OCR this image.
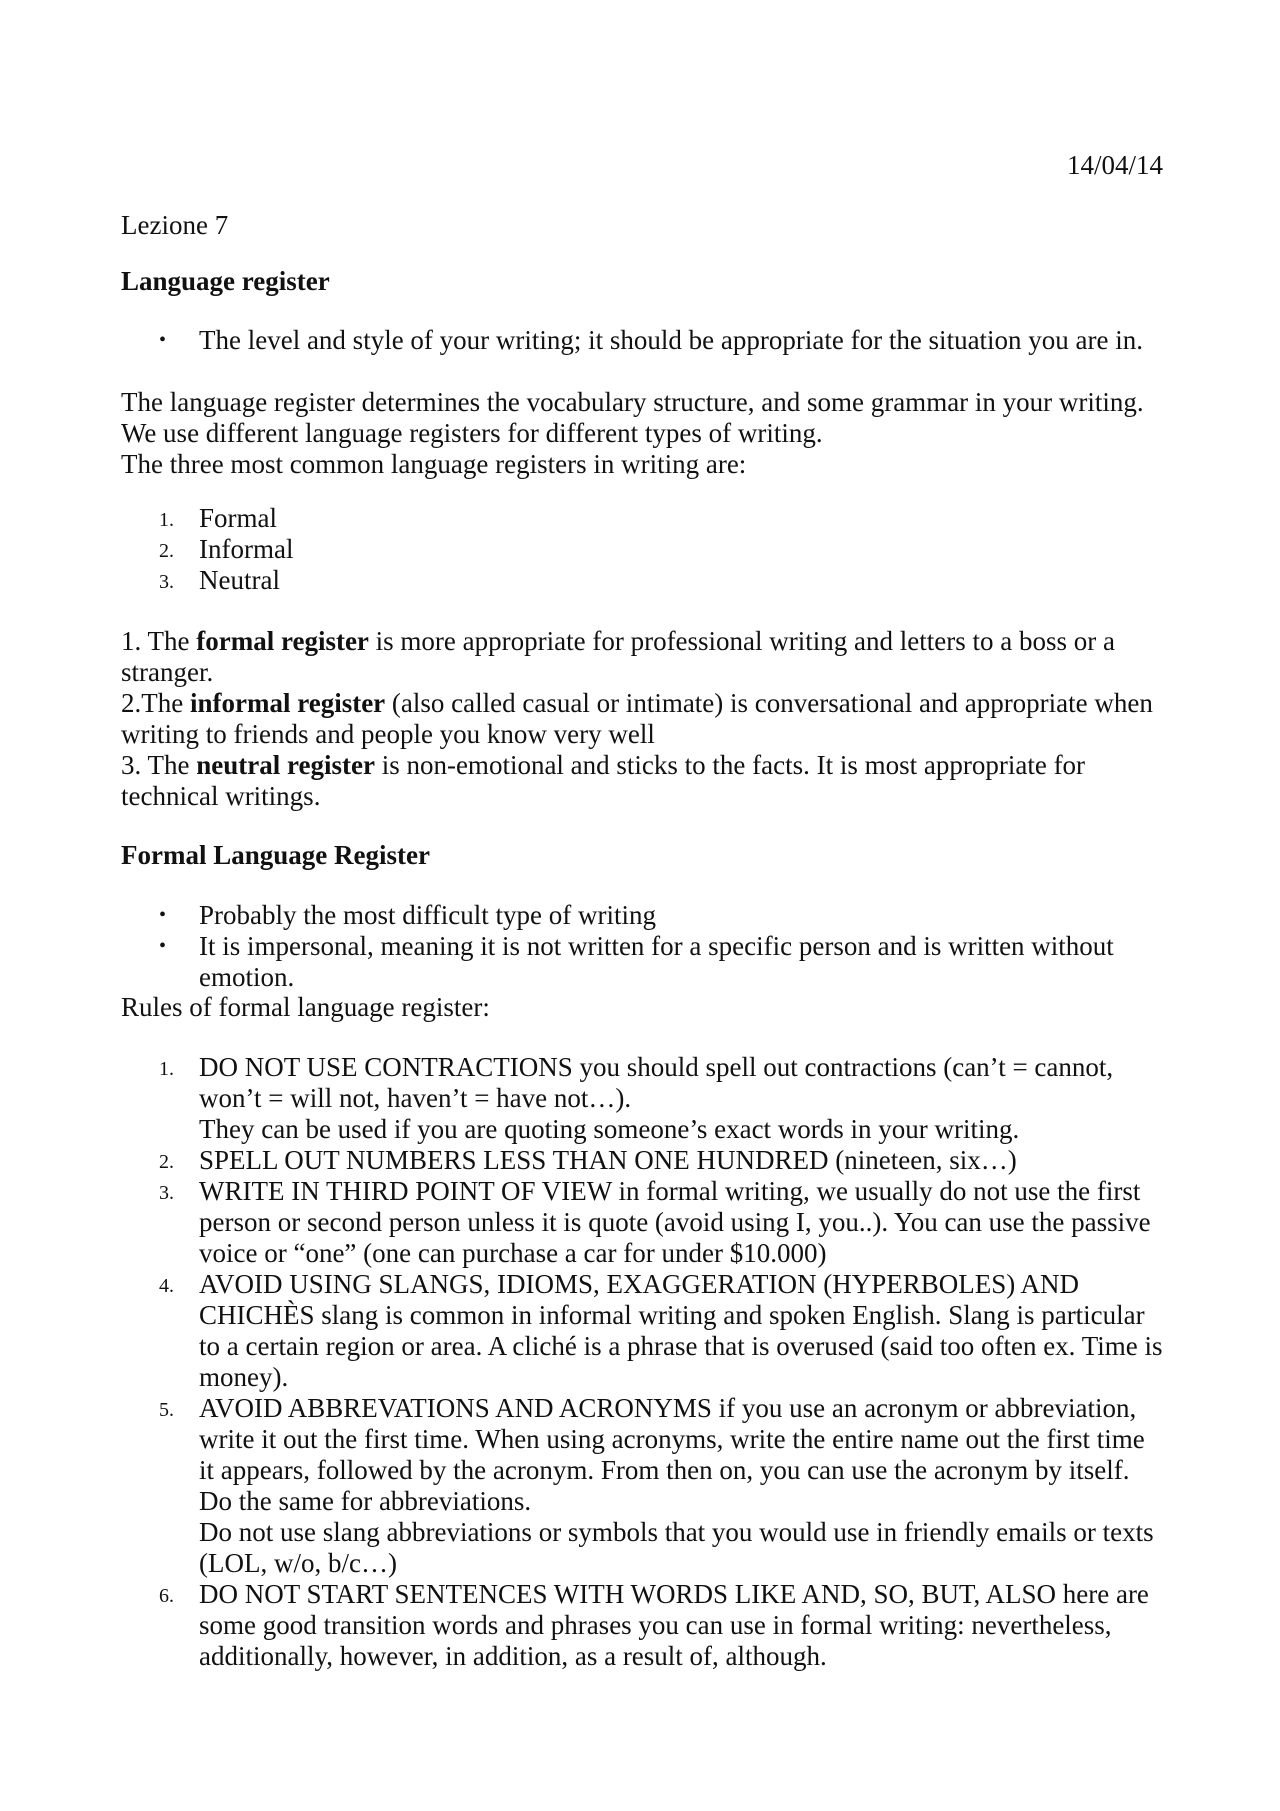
14/04/14
Lezione 7
Language register
• The level and style of your writing; it should be appropriate for the situation you are in.
The language register determines the vocabulary structure, and some grammar in your writing. We use different language registers for different types of writing.
The three most common language registers in writing are:
1. Formal
2. Informal
3. Neutral

1. The formal register is more appropriate for professional writing and letters to a boss or a stranger.

2.The informal register (also called casual or intimate) is conversational and appropriate when writing to friends and people you know very well

3. The neutral register is non-emotional and sticks to the facts. It is most appropriate for technical writings.

Formal Language Register
• Probably the most difficult type of writing
• It is impersonal, meaning it is not written for a specific person and is written without emotion.
Rules of formal language register:
1. DO NOT USE CONTRACTIONS you should spell out contractions (can’t = cannot, won’t = will not, haven’t = have not…).

They can be used if you are quoting someone’s exact words in your writing.

2. SPELL OUT NUMBERS LESS THAN ONE HUNDRED (nineteen, six…)

3. WRITE IN THIRD POINT OF VIEW in formal writing, we usually do not use the first person or second person unless it is quote (avoid using I, you..). You can use the passive voice or “one” (one can purchase a car for under $10.000)

4. AVOID USING SLANGS, IDIOMS, EXAGGERATION (HYPERBOLES) AND CHICHÈS slang is common in informal writing and spoken English. Slang is particular to a certain region or area. A cliché is a phrase that is overused (said too often ex. Time is money).

5. AVOID ABBREVATIONS AND ACRONYMS if you use an acronym or abbreviation, write it out the first time. When using acronyms, write the entire name out the first time it appears, followed by the acronym. From then on, you can use the acronym by itself. Do the same for abbreviations.

Do not use slang abbreviations or symbols that you would use in friendly emails or texts (LOL, w/o, b/c…)

6. DO NOT START SENTENCES WITH WORDS LIKE AND, SO, BUT, ALSO here are some good transition words and phrases you can use in formal writing: nevertheless, additionally, however, in addition, as a result of, although.
